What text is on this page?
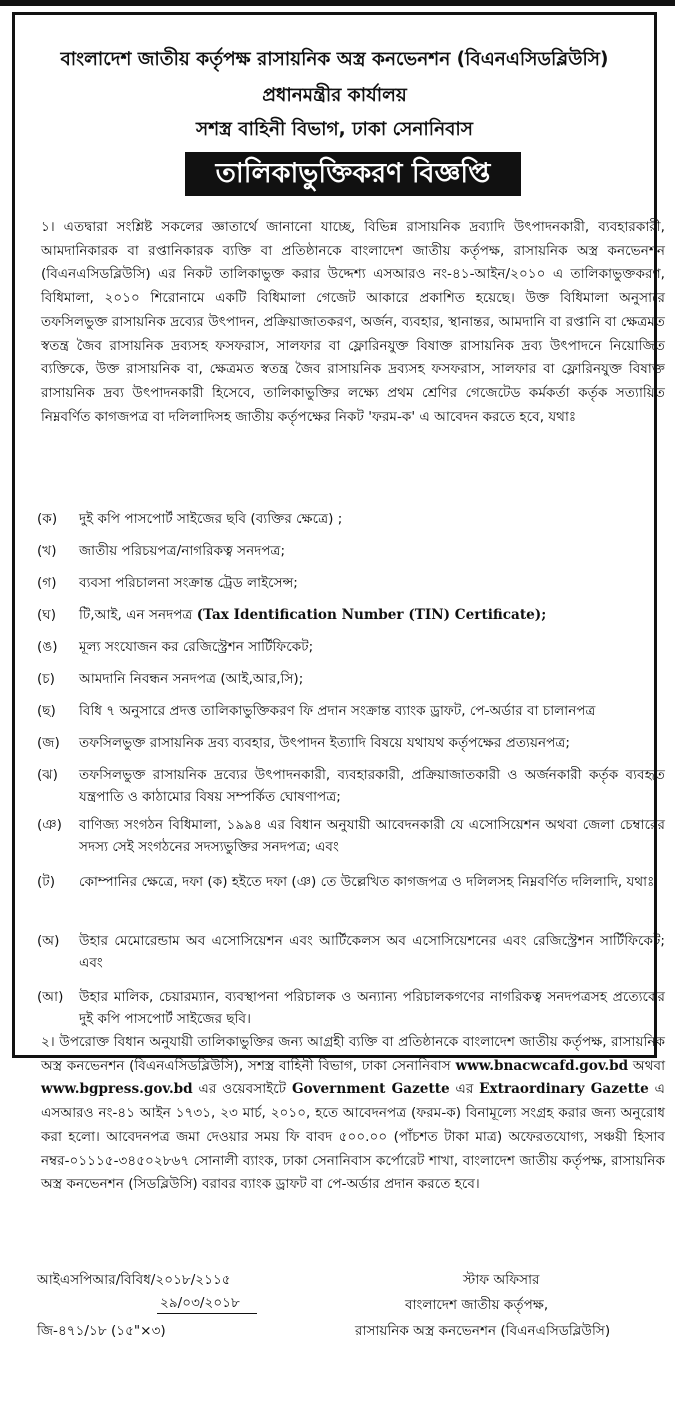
বাংলাদেশ জাতীয় কর্তৃপক্ষ রাসায়নিক অস্ত্র কনভেনশন (বিএনএসিডব্লিউসি)
প্রধানমন্ত্রীর কার্যালয়
সশস্ত্র বাহিনী বিভাগ, ঢাকা সেনানিবাস
তালিকাভুক্তিকরণ বিজ্ঞপ্তি
১। এতদ্বারা সংশ্লিষ্ট সকলের জ্ঞাতার্থে জানানো যাচ্ছে, বিভিন্ন রাসায়নিক দ্রব্যাদি উৎপাদনকারী, ব্যবহারকারী, আমদানিকারক বা রপ্তানিকারক ব্যক্তি বা প্রতিষ্ঠানকে বাংলাদেশ জাতীয় কর্তৃপক্ষ, রাসায়নিক অস্ত্র কনভেনশন (বিএনএসিডব্লিউসি) এর নিকট তালিকাভুক্ত করার উদ্দেশ্য এসআরও নং-৪১-আইন/২০১০ এ তালিকাভুক্তকরণ, বিধিমালা, ২০১০ শিরোনামে একটি বিধিমালা গেজেট আকারে প্রকাশিত হয়েছে। উক্ত বিধিমালা অনুসারে তফসিলভুক্ত রাসায়নিক দ্রব্যের উৎপাদন, প্রক্রিয়াজাতকরণ, অর্জন, ব্যবহার, স্থানান্তর, আমদানি বা রপ্তানি বা ক্ষেত্রমত স্বতন্ত্র জৈব রাসায়নিক দ্রব্যসহ ফসফরাস, সালফার বা ফ্লোরিনযুক্ত বিষাক্ত রাসায়নিক দ্রব্য উৎপাদনে নিয়োজিত ব্যক্তিকে, উক্ত রাসায়নিক বা, ক্ষেত্রমত স্বতন্ত্র জৈব রাসায়নিক দ্রব্যসহ ফসফরাস, সালফার বা ফ্লোরিনযুক্ত বিষাক্ত রাসায়নিক দ্রব্য উৎপাদনকারী হিসেবে, তালিকাভুক্তির লক্ষ্যে প্রথম শ্রেণির গেজেটেড কর্মকর্তা কর্তৃক সত্যায়িত নিম্নবর্ণিত কাগজপত্র বা দলিলাদিসহ জাতীয় কর্তৃপক্ষের নিকট 'ফরম-ক' এ আবেদন করতে হবে, যথাঃ
(ক)	দুই কপি পাসপোর্ট সাইজের ছবি (ব্যক্তির ক্ষেত্রে) ;
(খ)	জাতীয় পরিচয়পত্র/নাগরিকত্ব সনদপত্র;
(গ)	ব্যবসা পরিচালনা সংক্রান্ত ট্রেড লাইসেন্স;
(ঘ)	টি,আই, এন সনদপত্র (Tax Identification Number (TIN) Certificate);
(ঙ)	মূল্য সংযোজন কর রেজিস্ট্রেশন সার্টিফিকেট;
(চ)	আমদানি নিবন্ধন সনদপত্র (আই,আর,সি);
(ছ)	বিধি ৭ অনুসারে প্রদত্ত তালিকাভুক্তিকরণ ফি প্রদান সংক্রান্ত ব্যাংক ড্রাফট, পে-অর্ডার বা চালানপত্র
(জ)	তফসিলভুক্ত রাসায়নিক দ্রব্য ব্যবহার, উৎপাদন ইত্যাদি বিষয়ে যথাযথ কর্তৃপক্ষের প্রত্যয়নপত্র;
(ঝ)	তফসিলভুক্ত রাসায়নিক দ্রব্যের উৎপাদনকারী, ব্যবহারকারী, প্রক্রিয়াজাতকারী ও অর্জনকারী কর্তৃক ব্যবহৃত যন্ত্রপাতি ও কাঠামোর বিষয় সম্পর্কিত ঘোষণাপত্র;
(ঞ)	বাণিজ্য সংগঠন বিধিমালা, ১৯৯৪ এর বিধান অনুযায়ী আবেদনকারী যে এসোসিয়েশন অথবা জেলা চেম্বারের সদস্য সেই সংগঠনের সদস্যভুক্তির সনদপত্র; এবং
(ট)	কোম্পানির ক্ষেত্রে, দফা (ক) হইতে দফা (ঞ) তে উল্লেখিত কাগজপত্র ও দলিলসহ নিম্নবর্ণিত দলিলাদি, যথাঃ
(অ)	উহার মেমোরেন্ডাম অব এসোসিয়েশন এবং আর্টিকেলস অব এসোসিয়েশনের এবং রেজিস্ট্রেশন সার্টিফিকেট; এবং
(আ)	উহার মালিক, চেয়ারম্যান, ব্যবস্থাপনা পরিচালক ও অন্যান্য পরিচালকগণের নাগরিকত্ব সনদপত্রসহ প্রত্যেকের দুই কপি পাসপোর্ট সাইজের ছবি।
২। উপরোক্ত বিধান অনুযায়ী তালিকাভুক্তির জন্য আগ্রহী ব্যক্তি বা প্রতিষ্ঠানকে বাংলাদেশ জাতীয় কর্তৃপক্ষ, রাসায়নিক অস্ত্র কনভেনশন (বিএনএসিডব্লিউসি), সশস্ত্র বাহিনী বিভাগ, ঢাকা সেনানিবাস www.bnacwcafd.gov.bd অথবা www.bgpress.gov.bd এর ওয়েবসাইটে Government Gazette এর Extraordinary Gazette এ এসআরও নং-৪১ আইন ১৭৩১, ২৩ মার্চ, ২০১০, হতে আবেদনপত্র (ফরম-ক) বিনামূল্যে সংগ্রহ করার জন্য অনুরোধ করা হলো। আবেদনপত্র জমা দেওয়ার সময় ফি বাবদ ৫০০.০০ (পাঁচশত টাকা মাত্র) অফেরতযোগ্য, সঞ্চয়ী হিসাব নম্বর-০১১১৫-৩৪৫০২৮৬৭ সোনালী ব্যাংক, ঢাকা সেনানিবাস কর্পোরেট শাখা, বাংলাদেশ জাতীয় কর্তৃপক্ষ, রাসায়নিক অস্ত্র কনভেনশন (সিডব্লিউসি) বরাবর ব্যাংক ড্রাফট বা পে-অর্ডার প্রদান করতে হবে।
আইএসপিআর/বিবিধ/২০১৮/২১১৫
২৯/০৩/২০১৮
জি-৪৭১/১৮ (১৫"×৩)
স্টাফ অফিসার
বাংলাদেশ জাতীয় কর্তৃপক্ষ,
রাসায়নিক অস্ত্র কনভেনশন (বিএনএসিডব্লিউসি)
